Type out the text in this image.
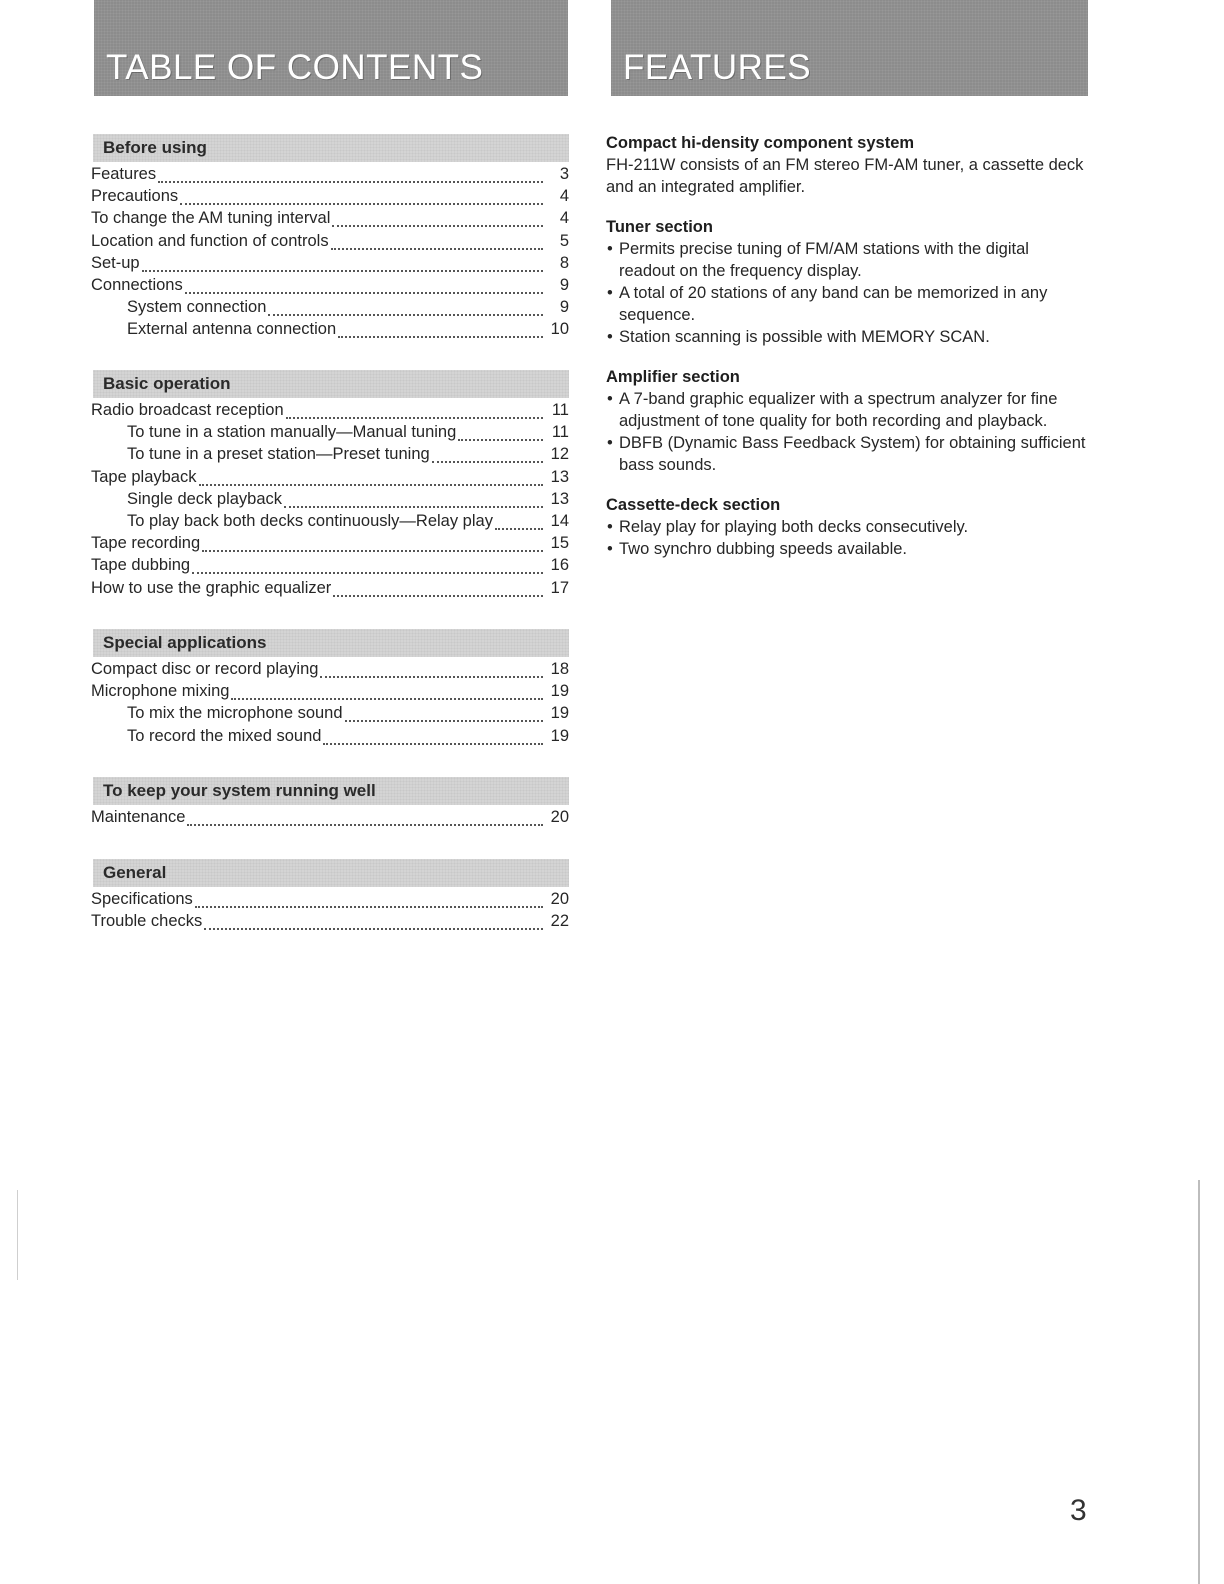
TABLE OF CONTENTS	FEATURES
Before using
Features	3
Precautions	4
To change the AM tuning interval	4
Location and function of controls	5
Set-up	8
Connections	9
System connection	9
External antenna connection	10
Basic operation
Radio broadcast reception	11
To tune in a station manually—Manual tuning	11
To tune in a preset station—Preset tuning	12
Tape playback	13
Single deck playback	13
To play back both decks continuously—Relay play	14
Tape recording	15
Tape dubbing	16
How to use the graphic equalizer	17
Special applications
Compact disc or record playing	18
Microphone mixing	19
To mix the microphone sound	19
To record the mixed sound	19
To keep your system running well
Maintenance	20
General
Specifications	20
Trouble checks	22
Compact hi-density component system
FH-211W consists of an FM stereo FM-AM tuner, a cassette deck and an integrated amplifier.
Tuner section
• Permits precise tuning of FM/AM stations with the digital readout on the frequency display.
• A total of 20 stations of any band can be memorized in any sequence.
• Station scanning is possible with MEMORY SCAN.
Amplifier section
• A 7-band graphic equalizer with a spectrum analyzer for fine adjustment of tone quality for both recording and playback.
• DBFB (Dynamic Bass Feedback System) for obtaining sufficient bass sounds.
Cassette-deck section
• Relay play for playing both decks consecutively.
• Two synchro dubbing speeds available.
3
